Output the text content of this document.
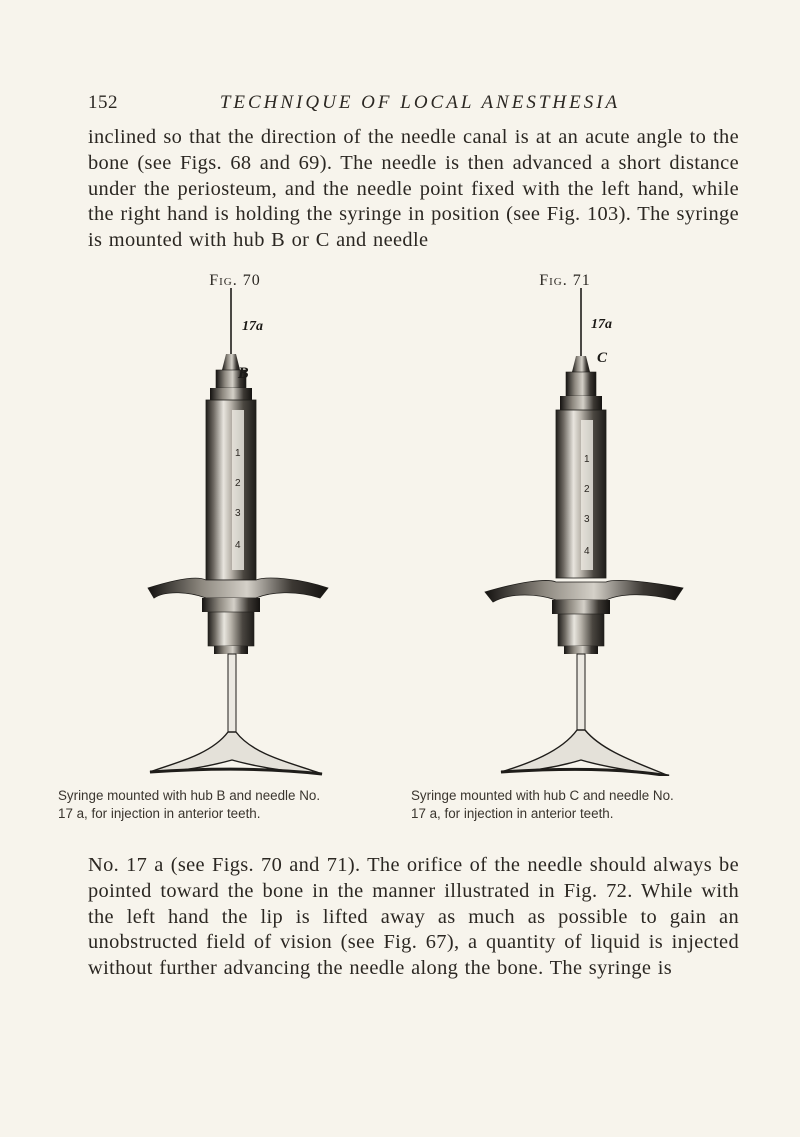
152	TECHNIQUE OF LOCAL ANESTHESIA

inclined so that the direction of the needle canal is at an acute angle to the bone (see Figs. 68 and 69). The needle is then advanced a short distance under the periosteum, and the needle point fixed with the left hand, while the right hand is holding the syringe in position (see Fig. 103). The syringe is mounted with hub B or C and needle

Fig. 70
17a
B
1
2
3
4
Syringe mounted with hub B and needle No.
17 a, for injection in anterior teeth.
Fig. 71
17a
C
1
2
3
4
Syringe mounted with hub C and needle No.
17 a, for injection in anterior teeth.

No. 17 a (see Figs. 70 and 71). The orifice of the needle should always be pointed toward the bone in the manner illustrated in Fig. 72. While with the left hand the lip is lifted away as much as possible to gain an unobstructed field of vision (see Fig. 67), a quantity of liquid is injected without further advancing the needle along the bone. The syringe is
